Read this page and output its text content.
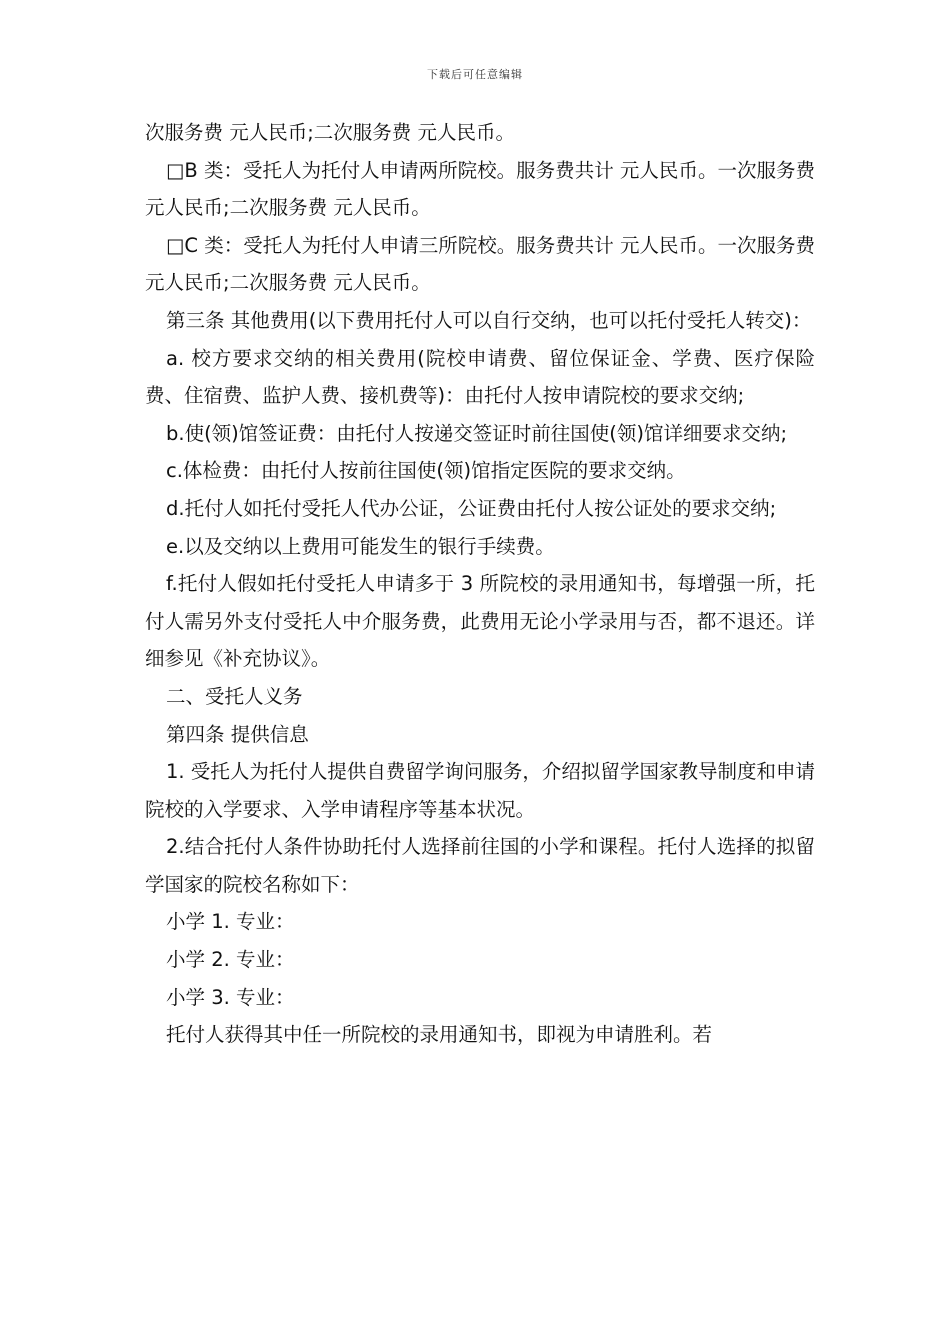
下载后可任意编辑

次服务费 元人民币;二次服务费 元人民币。

□B 类：受托人为托付人申请两所院校。服务费共计 元人民币。一次服务费 元人民币;二次服务费 元人民币。

□C 类：受托人为托付人申请三所院校。服务费共计 元人民币。一次服务费 元人民币;二次服务费 元人民币。

第三条 其他费用(以下费用托付人可以自行交纳，也可以托付受托人转交)：

a. 校方要求交纳的相关费用(院校申请费、留位保证金、学费、医疗保险费、住宿费、监护人费、接机费等)：由托付人按申请院校的要求交纳;

b.使(领)馆签证费：由托付人按递交签证时前往国使(领)馆详细要求交纳;

c.体检费：由托付人按前往国使(领)馆指定医院的要求交纳。

d.托付人如托付受托人代办公证，公证费由托付人按公证处的要求交纳;

e.以及交纳以上费用可能发生的银行手续费。

f.托付人假如托付受托人申请多于 3 所院校的录用通知书，每增强一所，托付人需另外支付受托人中介服务费，此费用无论小学录用与否，都不退还。详细参见《补充协议》。

二、受托人义务

第四条 提供信息

1. 受托人为托付人提供自费留学询问服务，介绍拟留学国家教导制度和申请院校的入学要求、入学申请程序等基本状况。

2.结合托付人条件协助托付人选择前往国的小学和课程。托付人选择的拟留学国家的院校名称如下：

小学 1. 专业：

小学 2. 专业：

小学 3. 专业：

托付人获得其中任一所院校的录用通知书，即视为申请胜利。若
